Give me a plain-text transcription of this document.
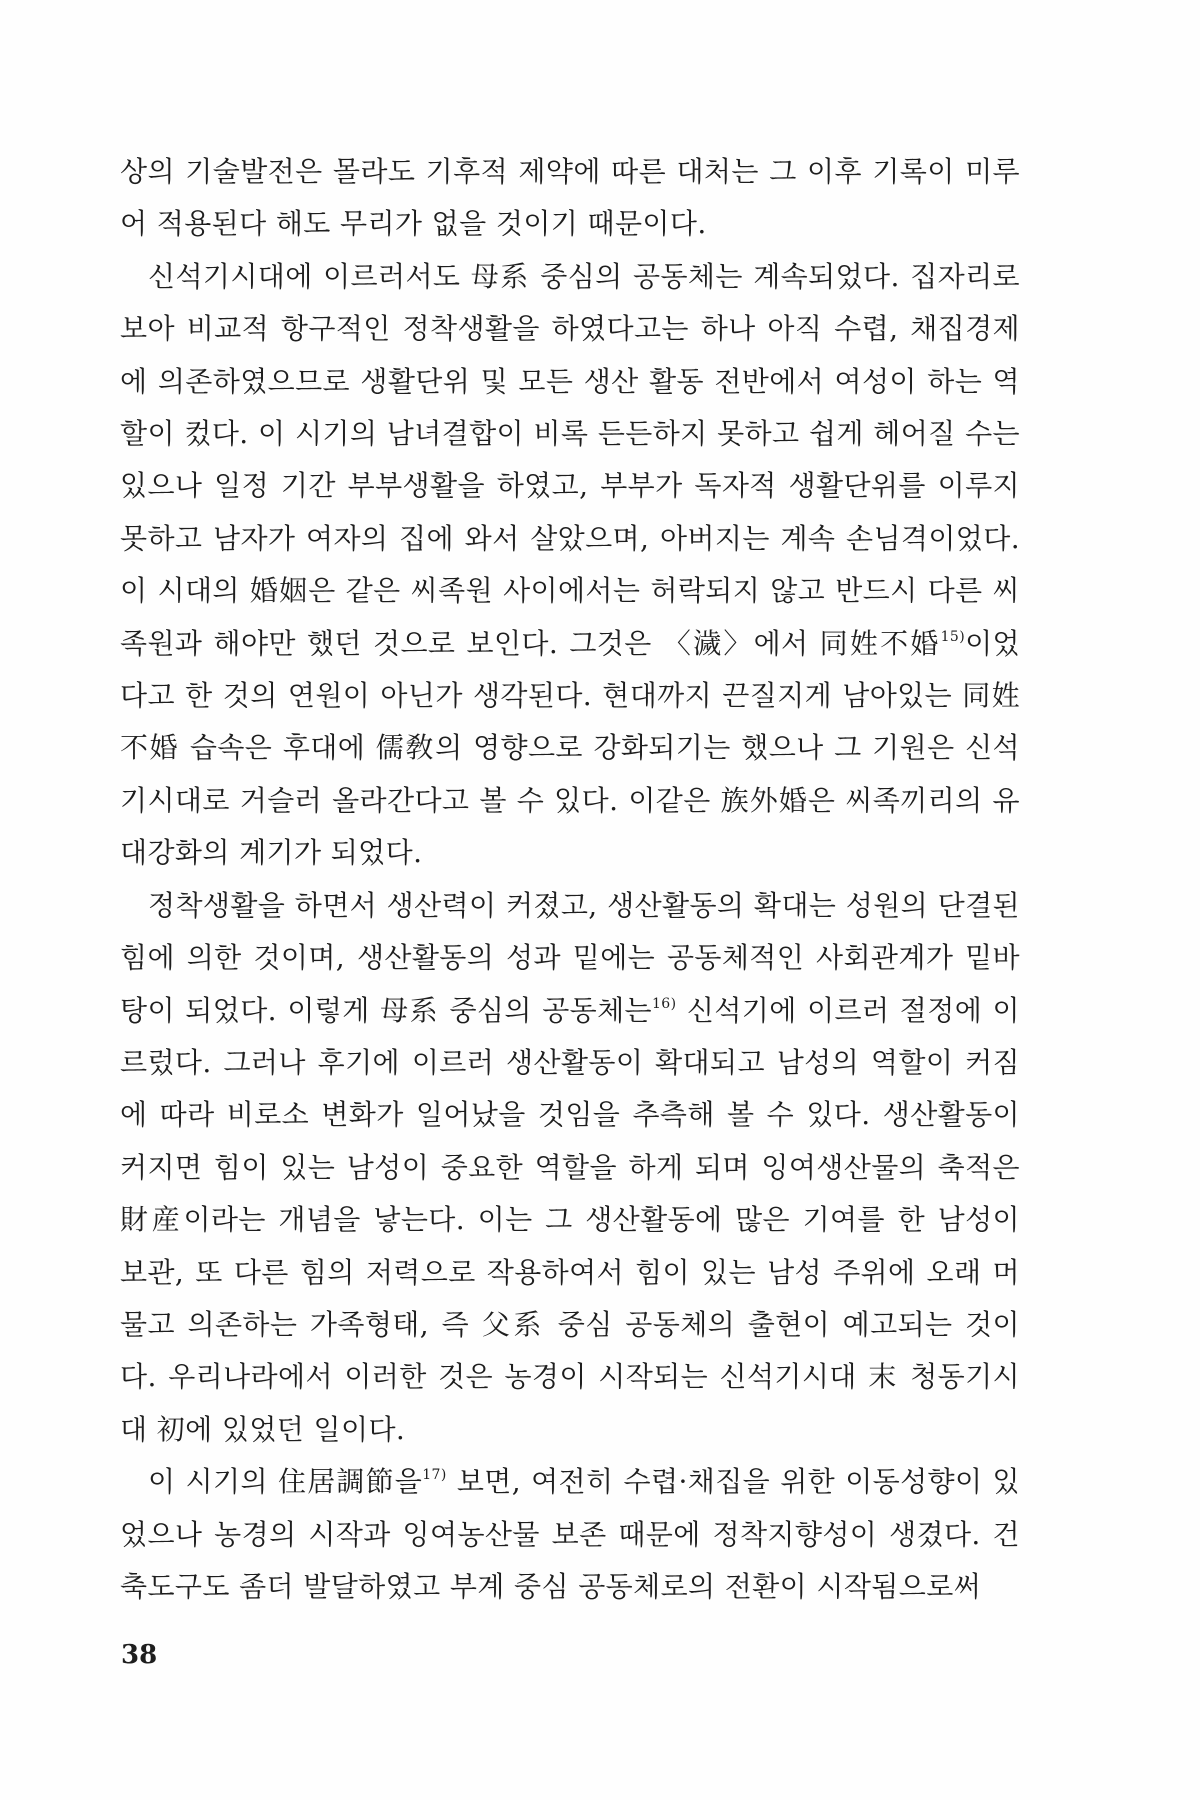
상의 기술발전은 몰라도 기후적 제약에 따른 대처는 그 이후 기록이 미루어 적용된다 해도 무리가 없을 것이기 때문이다.

신석기시대에 이르러서도 母系 중심의 공동체는 계속되었다. 집자리로 보아 비교적 항구적인 정착생활을 하였다고는 하나 아직 수렵, 채집경제에 의존하였으므로 생활단위 및 모든 생산 활동 전반에서 여성이 하는 역할이 컸다. 이 시기의 남녀결합이 비록 든든하지 못하고 쉽게 헤어질 수는 있으나 일정 기간 부부생활을 하였고, 부부가 독자적 생활단위를 이루지 못하고 남자가 여자의 집에 와서 살았으며, 아버지는 계속 손님격이었다. 이 시대의 婚姻은 같은 씨족원 사이에서는 허락되지 않고 반드시 다른 씨족원과 해야만 했던 것으로 보인다. 그것은 〈濊〉에서 同姓不婚$^{15)}$이었다고 한 것의 연원이 아닌가 생각된다. 현대까지 끈질지게 남아있는 同姓不婚 습속은 후대에 儒敎의 영향으로 강화되기는 했으나 그 기원은 신석기시대로 거슬러 올라간다고 볼 수 있다. 이같은 族外婚은 씨족끼리의 유대강화의 계기가 되었다.

정착생활을 하면서 생산력이 커졌고, 생산활동의 확대는 성원의 단결된 힘에 의한 것이며, 생산활동의 성과 밑에는 공동체적인 사회관계가 밑바탕이 되었다. 이렇게 母系 중심의 공동체는$^{16)}$ 신석기에 이르러 절정에 이르렀다. 그러나 후기에 이르러 생산활동이 확대되고 남성의 역할이 커짐에 따라 비로소 변화가 일어났을 것임을 추측해 볼 수 있다. 생산활동이 커지면 힘이 있는 남성이 중요한 역할을 하게 되며 잉여생산물의 축적은 財産이라는 개념을 낳는다. 이는 그 생산활동에 많은 기여를 한 남성이 보관, 또 다른 힘의 저력으로 작용하여서 힘이 있는 남성 주위에 오래 머물고 의존하는 가족형태, 즉 父系 중심 공동체의 출현이 예고되는 것이다. 우리나라에서 이러한 것은 농경이 시작되는 신석기시대 末 청동기시대 初에 있었던 일이다.

이 시기의 住居調節을$^{17)}$ 보면, 여전히 수렵·채집을 위한 이동성향이 있었으나 농경의 시작과 잉여농산물 보존 때문에 정착지향성이 생겼다. 건축도구도 좀더 발달하였고 부계 중심 공동체로의 전환이 시작됨으로써

38
